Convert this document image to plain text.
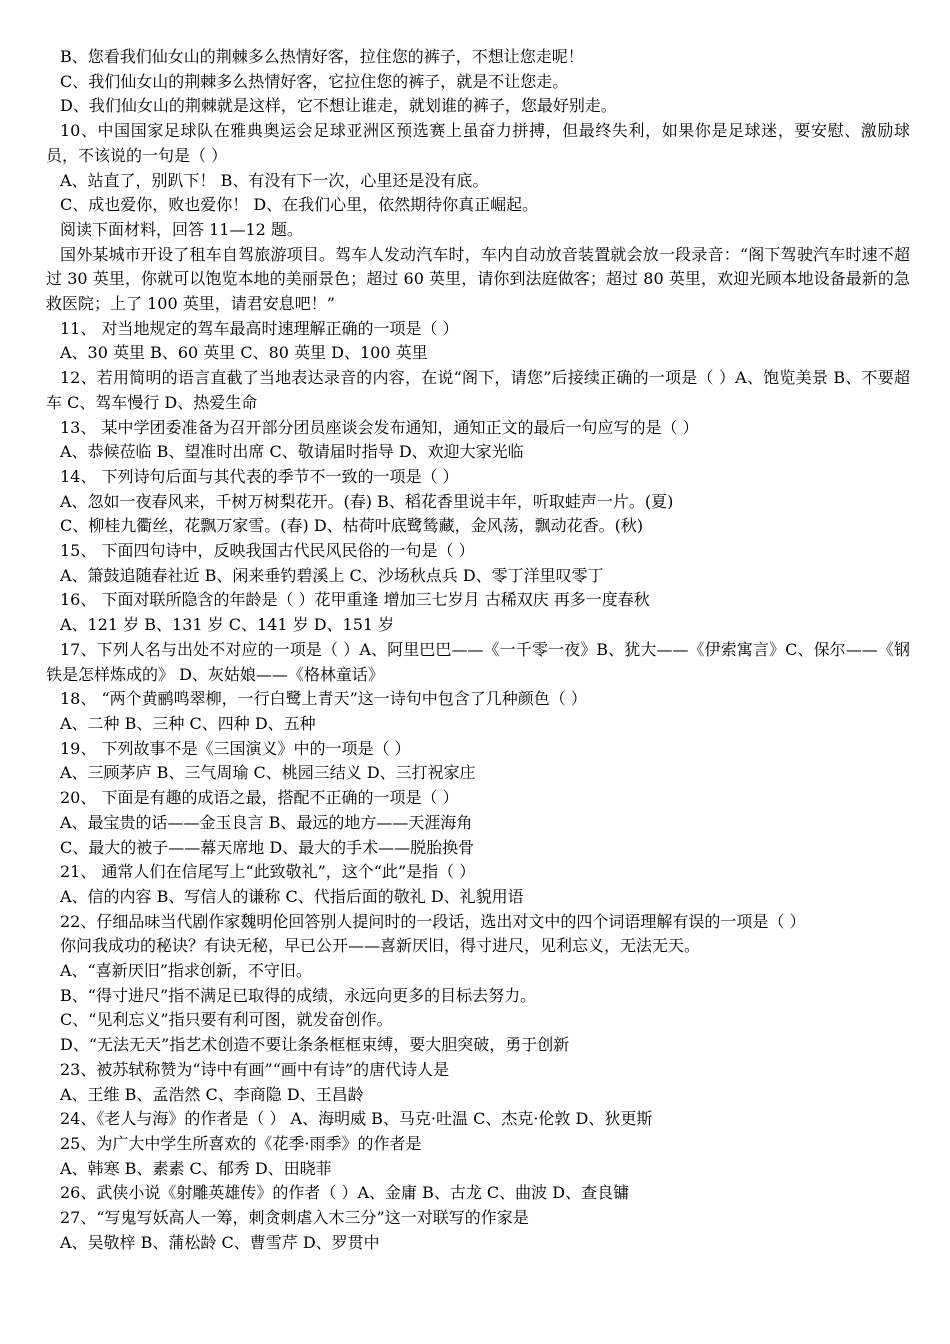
B、您看我们仙女山的荆棘多么热情好客，拉住您的裤子，不想让您走呢！
C、我们仙女山的荆棘多么热情好客，它拉住您的裤子，就是不让您走。
D、我们仙女山的荆棘就是这样，它不想让谁走，就划谁的裤子，您最好别走。
10、中国国家足球队在雅典奥运会足球亚洲区预选赛上虽奋力拼搏，但最终失利，如果你是足球迷，要安慰、激励球员，不该说的一句是（ ）
A、站直了，别趴下！ B、有没有下一次，心里还是没有底。
C、成也爱你，败也爱你！ D、在我们心里，依然期待你真正崛起。
阅读下面材料，回答 11—12 题。
国外某城市开设了租车自驾旅游项目。驾车人发动汽车时，车内自动放音装置就会放一段录音：“阁下驾驶汽车时速不超过 30 英里，你就可以饱览本地的美丽景色；超过 60 英里，请你到法庭做客；超过 80 英里，欢迎光顾本地设备最新的急救医院；上了 100 英里，请君安息吧！”
11、 对当地规定的驾车最高时速理解正确的一项是（ ）
A、30 英里 B、60 英里 C、80 英里 D、100 英里
12、若用简明的语言直截了当地表达录音的内容，在说“阁下，请您”后接续正确的一项是（ ）A、饱览美景 B、不要超车 C、驾车慢行 D、热爱生命
13、 某中学团委准备为召开部分团员座谈会发布通知，通知正文的最后一句应写的是（ ）
A、恭候莅临 B、望准时出席 C、敬请届时指导 D、欢迎大家光临
14、 下列诗句后面与其代表的季节不一致的一项是（ ）
A、忽如一夜春风来，千树万树梨花开。(春) B、稻花香里说丰年，听取蛙声一片。(夏)
C、柳桂九衢丝，花飘万家雪。(春) D、枯荷叶底鹭鸶藏，金风荡，飘动花香。(秋)
15、 下面四句诗中，反映我国古代民风民俗的一句是（ ）
A、箫鼓追随春社近 B、闲来垂钓碧溪上 C、沙场秋点兵 D、零丁洋里叹零丁
16、 下面对联所隐含的年龄是（ ）花甲重逢 增加三七岁月 古稀双庆 再多一度春秋
A、121 岁 B、131 岁 C、141 岁 D、151 岁
17、下列人名与出处不对应的一项是（ ）A、阿里巴巴——《一千零一夜》B、犹大——《伊索寓言》C、保尔——《钢铁是怎样炼成的》 D、灰姑娘——《格林童话》
18、 “两个黄鹂鸣翠柳，一行白鹭上青天”这一诗句中包含了几种颜色（ ）
A、二种 B、三种 C、四种 D、五种
19、 下列故事不是《三国演义》中的一项是（ ）
A、三顾茅庐 B、三气周瑜 C、桃园三结义 D、三打祝家庄
20、 下面是有趣的成语之最，搭配不正确的一项是（ ）
A、最宝贵的话——金玉良言 B、最远的地方——天涯海角
C、最大的被子——幕天席地 D、最大的手术——脱胎换骨
21、 通常人们在信尾写上“此致敬礼”，这个“此”是指（ ）
A、信的内容 B、写信人的谦称 C、代指后面的敬礼 D、礼貌用语
22、仔细品味当代剧作家魏明伦回答别人提问时的一段话，选出对文中的四个词语理解有误的一项是（ ）
你问我成功的秘诀？有诀无秘，早已公开——喜新厌旧，得寸进尺，见利忘义，无法无天。
A、“喜新厌旧”指求创新，不守旧。
B、“得寸进尺”指不满足已取得的成绩，永远向更多的目标去努力。
C、“见利忘义”指只要有利可图，就发奋创作。
D、“无法无天”指艺术创造不要让条条框框束缚，要大胆突破，勇于创新
23、被苏轼称赞为“诗中有画”“画中有诗”的唐代诗人是
A、王维 B、孟浩然 C、李商隐 D、王昌龄
24、《老人与海》的作者是（ ） A、海明威 B、马克·吐温 C、杰克·伦敦 D、狄更斯
25、为广大中学生所喜欢的《花季·雨季》的作者是
A、韩寒 B、素素 C、郁秀 D、田晓菲
26、武侠小说《射雕英雄传》的作者（ ）A、金庸 B、古龙 C、曲波 D、查良镛
27、“写鬼写妖高人一筹，刺贪刺虐入木三分”这一对联写的作家是
A、吴敬梓 B、蒲松龄 C、曹雪芹 D、罗贯中
